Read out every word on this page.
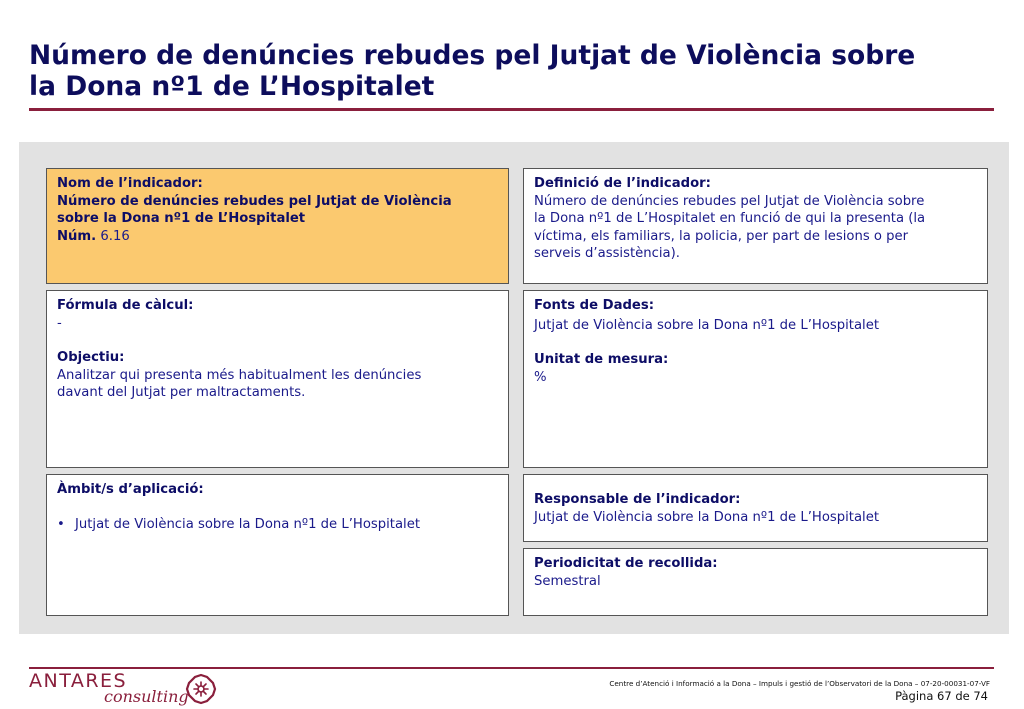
Número de denúncies rebudes pel Jutjat de Violència sobre
la Dona nº1 de L’Hospitalet
Nom de l’indicador:
Número de denúncies rebudes pel Jutjat de Violència
sobre la Dona nº1 de L’Hospitalet
Núm. 6.16
Definició de l’indicador:
Número de denúncies rebudes pel Jutjat de Violència sobre
la Dona nº1 de L’Hospitalet en funció de qui la presenta (la
víctima, els familiars, la policia, per part de lesions o per
serveis d’assistència).
Fórmula de càlcul:
-
Objectiu:
Analitzar qui presenta més habitualment les denúncies
davant del Jutjat per maltractaments.
Fonts de Dades:
Jutjat de Violència sobre la Dona nº1 de L’Hospitalet
Unitat de mesura:
%
Àmbit/s d’aplicació:
• Jutjat de Violència sobre la Dona nº1 de L’Hospitalet
Responsable de l’indicador:
Jutjat de Violència sobre la Dona nº1 de L’Hospitalet
Periodicitat de recollida:
Semestral
ANTARES
consulting
Centre d’Atenció i Informació a la Dona – Impuls i gestió de l’Observatori de la Dona – 07-20-00031-07-VF
Pàgina 67 de 74
